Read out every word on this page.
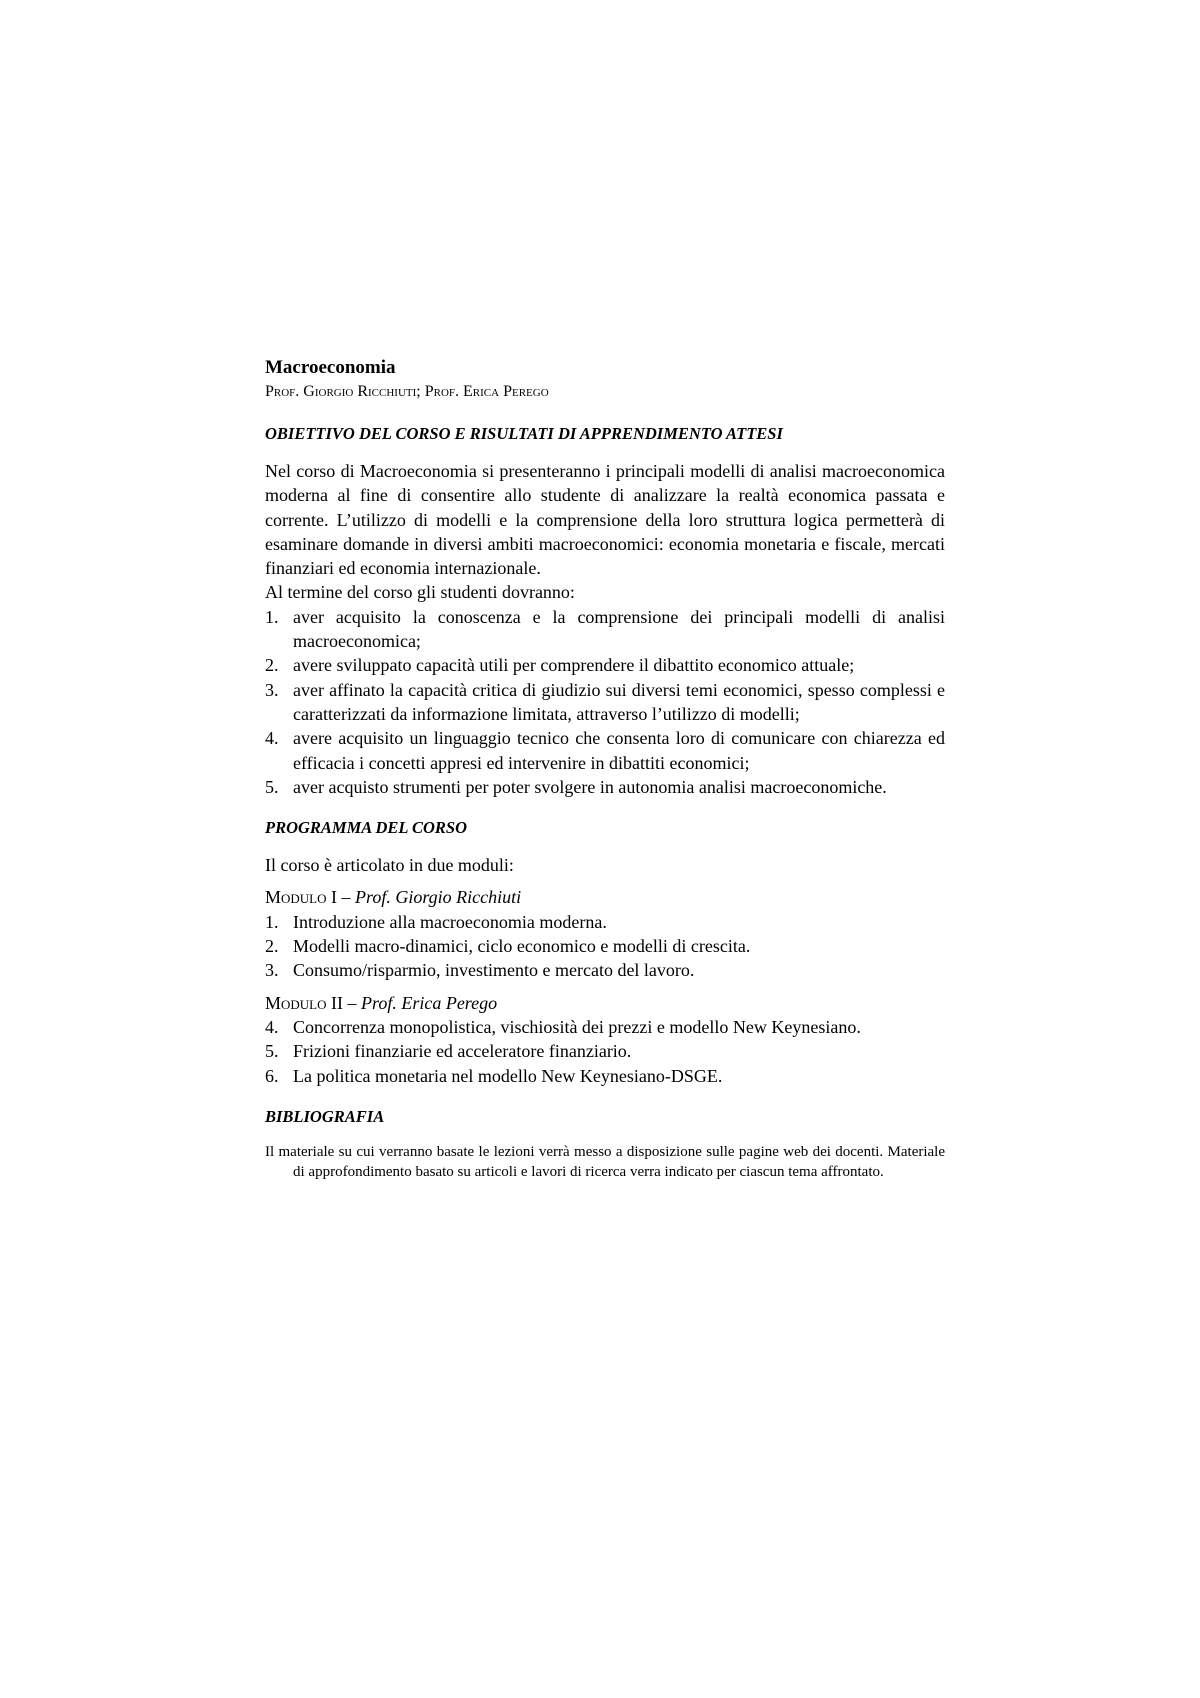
Macroeconomia

Prof. Giorgio Ricchiuti; Prof. Erica Perego

OBIETTIVO DEL CORSO E RISULTATI DI APPRENDIMENTO ATTESI

Nel corso di Macroeconomia si presenteranno i principali modelli di analisi macroeconomica moderna al fine di consentire allo studente di analizzare la realtà economica passata e corrente. L’utilizzo di modelli e la comprensione della loro struttura logica permetterà di esaminare domande in diversi ambiti macroeconomici: economia monetaria e fiscale, mercati finanziari ed economia internazionale.

Al termine del corso gli studenti dovranno:

1. aver acquisito la conoscenza e la comprensione dei principali modelli di analisi macroeconomica;
2. avere sviluppato capacità utili per comprendere il dibattito economico attuale;
3. aver affinato la capacità critica di giudizio sui diversi temi economici, spesso complessi e caratterizzati da informazione limitata, attraverso l’utilizzo di modelli;
4. avere acquisito un linguaggio tecnico che consenta loro di comunicare con chiarezza ed efficacia i concetti appresi ed intervenire in dibattiti economici;
5. aver acquisto strumenti per poter svolgere in autonomia analisi macroeconomiche.
PROGRAMMA DEL CORSO

Il corso è articolato in due moduli:

Modulo I – Prof. Giorgio Ricchiuti

1. Introduzione alla macroeconomia moderna.
2. Modelli macro-dinamici, ciclo economico e modelli di crescita.
3. Consumo/risparmio, investimento e mercato del lavoro.

Modulo II – Prof. Erica Perego

4. Concorrenza monopolistica, vischiosità dei prezzi e modello New Keynesiano.
5. Frizioni finanziarie ed acceleratore finanziario.
6. La politica monetaria nel modello New Keynesiano-DSGE.
BIBLIOGRAFIA

Il materiale su cui verranno basate le lezioni verrà messo a disposizione sulle pagine web dei docenti. Materiale di approfondimento basato su articoli e lavori di ricerca verra indicato per ciascun tema affrontato.
